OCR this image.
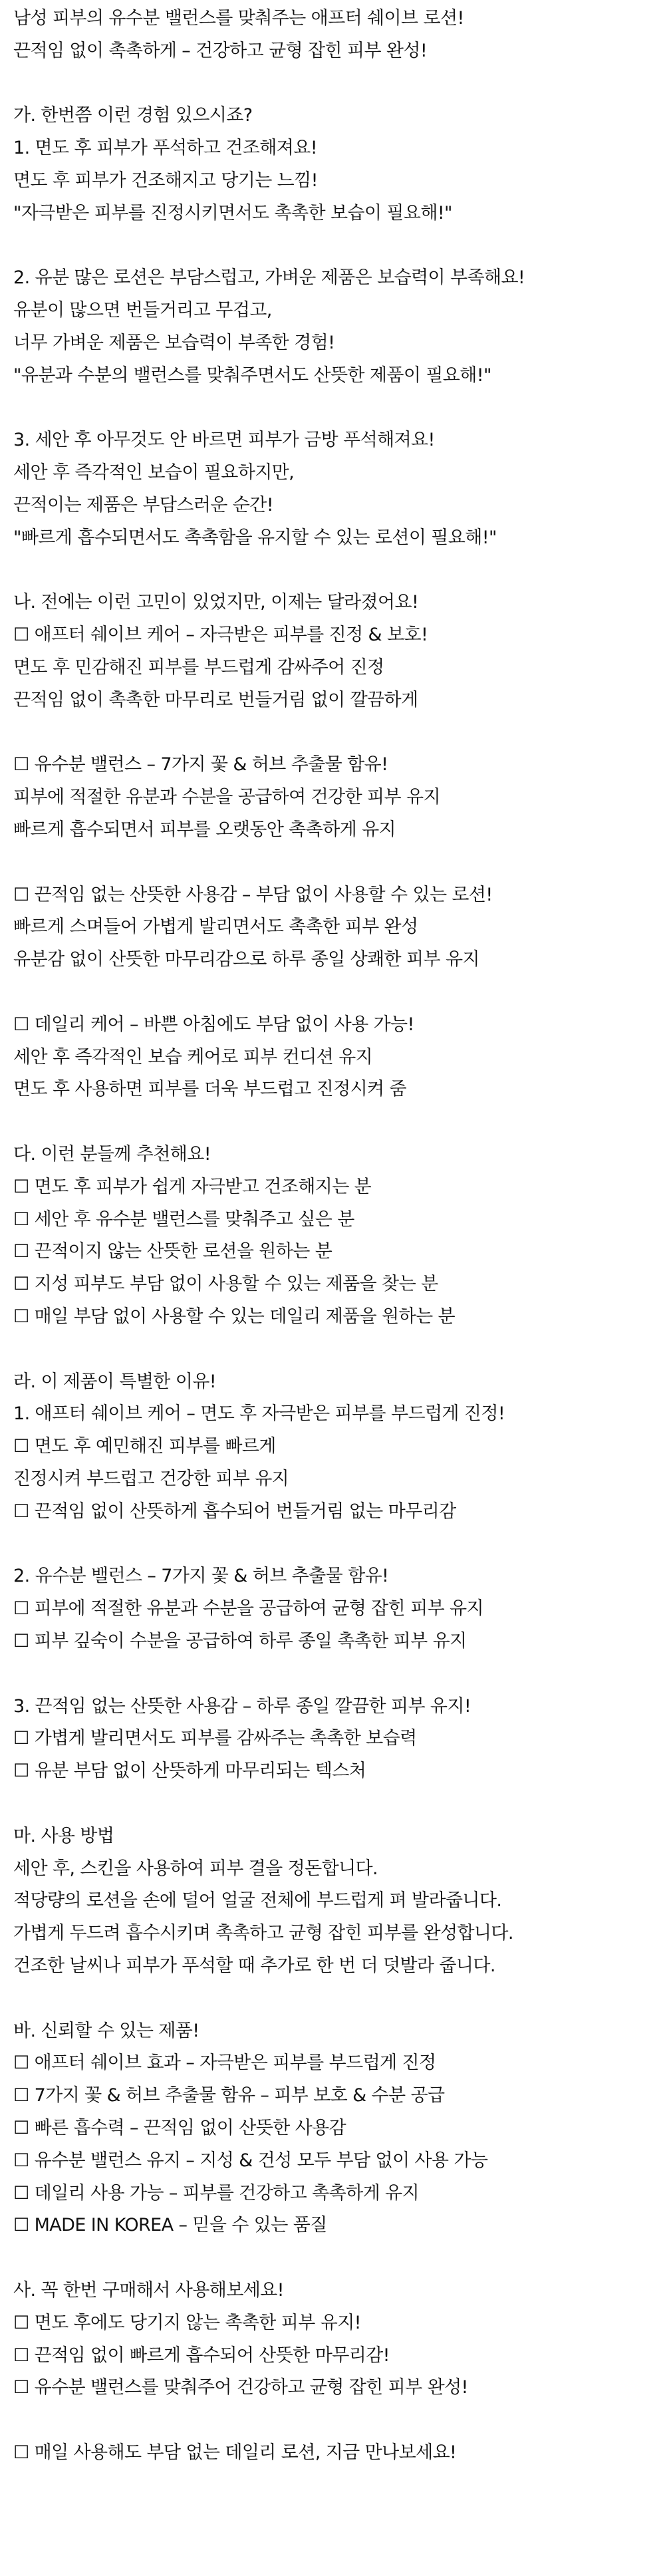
남성 피부의 유수분 밸런스를 맞춰주는 애프터 쉐이브 로션!
끈적임 없이 촉촉하게 – 건강하고 균형 잡힌 피부 완성!
가. 한번쯤 이런 경험 있으시죠?
1. 면도 후 피부가 푸석하고 건조해져요!
면도 후 피부가 건조해지고 당기는 느낌!
"자극받은 피부를 진정시키면서도 촉촉한 보습이 필요해!"
2. 유분 많은 로션은 부담스럽고, 가벼운 제품은 보습력이 부족해요!
유분이 많으면 번들거리고 무겁고,
너무 가벼운 제품은 보습력이 부족한 경험!
"유분과 수분의 밸런스를 맞춰주면서도 산뜻한 제품이 필요해!"
3. 세안 후 아무것도 안 바르면 피부가 금방 푸석해져요!
세안 후 즉각적인 보습이 필요하지만,
끈적이는 제품은 부담스러운 순간!
"빠르게 흡수되면서도 촉촉함을 유지할 수 있는 로션이 필요해!"
나. 전에는 이런 고민이 있었지만, 이제는 달라졌어요!
☐ 애프터 쉐이브 케어 – 자극받은 피부를 진정 & 보호!
면도 후 민감해진 피부를 부드럽게 감싸주어 진정
끈적임 없이 촉촉한 마무리로 번들거림 없이 깔끔하게
☐ 유수분 밸런스 – 7가지 꽃 & 허브 추출물 함유!
피부에 적절한 유분과 수분을 공급하여 건강한 피부 유지
빠르게 흡수되면서 피부를 오랫동안 촉촉하게 유지
☐ 끈적임 없는 산뜻한 사용감 – 부담 없이 사용할 수 있는 로션!
빠르게 스며들어 가볍게 발리면서도 촉촉한 피부 완성
유분감 없이 산뜻한 마무리감으로 하루 종일 상쾌한 피부 유지
☐ 데일리 케어 – 바쁜 아침에도 부담 없이 사용 가능!
세안 후 즉각적인 보습 케어로 피부 컨디션 유지
면도 후 사용하면 피부를 더욱 부드럽고 진정시켜 줌
다. 이런 분들께 추천해요!
☐ 면도 후 피부가 쉽게 자극받고 건조해지는 분
☐ 세안 후 유수분 밸런스를 맞춰주고 싶은 분
☐ 끈적이지 않는 산뜻한 로션을 원하는 분
☐ 지성 피부도 부담 없이 사용할 수 있는 제품을 찾는 분
☐ 매일 부담 없이 사용할 수 있는 데일리 제품을 원하는 분
라. 이 제품이 특별한 이유!
1. 애프터 쉐이브 케어 – 면도 후 자극받은 피부를 부드럽게 진정!
☐ 면도 후 예민해진 피부를 빠르게
진정시켜 부드럽고 건강한 피부 유지
☐ 끈적임 없이 산뜻하게 흡수되어 번들거림 없는 마무리감
2. 유수분 밸런스 – 7가지 꽃 & 허브 추출물 함유!
☐ 피부에 적절한 유분과 수분을 공급하여 균형 잡힌 피부 유지
☐ 피부 깊숙이 수분을 공급하여 하루 종일 촉촉한 피부 유지
3. 끈적임 없는 산뜻한 사용감 – 하루 종일 깔끔한 피부 유지!
☐ 가볍게 발리면서도 피부를 감싸주는 촉촉한 보습력
☐ 유분 부담 없이 산뜻하게 마무리되는 텍스처
마. 사용 방법
세안 후, 스킨을 사용하여 피부 결을 정돈합니다.
적당량의 로션을 손에 덜어 얼굴 전체에 부드럽게 펴 발라줍니다.
가볍게 두드려 흡수시키며 촉촉하고 균형 잡힌 피부를 완성합니다.
건조한 날씨나 피부가 푸석할 때 추가로 한 번 더 덧발라 줍니다.
바. 신뢰할 수 있는 제품!
☐ 애프터 쉐이브 효과 – 자극받은 피부를 부드럽게 진정
☐ 7가지 꽃 & 허브 추출물 함유 – 피부 보호 & 수분 공급
☐ 빠른 흡수력 – 끈적임 없이 산뜻한 사용감
☐ 유수분 밸런스 유지 – 지성 & 건성 모두 부담 없이 사용 가능
☐ 데일리 사용 가능 – 피부를 건강하고 촉촉하게 유지
☐ MADE IN KOREA – 믿을 수 있는 품질
사. 꼭 한번 구매해서 사용해보세요!
☐ 면도 후에도 당기지 않는 촉촉한 피부 유지!
☐ 끈적임 없이 빠르게 흡수되어 산뜻한 마무리감!
☐ 유수분 밸런스를 맞춰주어 건강하고 균형 잡힌 피부 완성!
☐ 매일 사용해도 부담 없는 데일리 로션, 지금 만나보세요!
